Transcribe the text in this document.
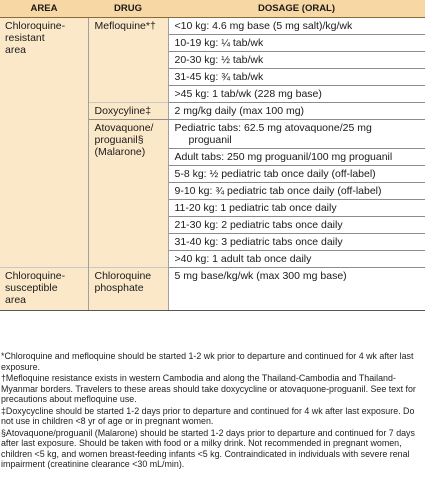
AREA	DRUG	DOSAGE (ORAL)

Chloroquine-
resistant
area	Mefloquine*†	<10 kg: 4.6 mg base (5 mg salt)/kg/wk
		10-19 kg: ¼ tab/wk
		20-30 kg: ½ tab/wk
		31-45 kg: ¾ tab/wk
		>45 kg: 1 tab/wk (228 mg base)
	Doxycyline‡	2 mg/kg daily (max 100 mg)

	Atovaquone/
proguanil§
(Malarone)	Pediatric tabs: 62.5 mg atovaquone/25 mg
proguanil

		Adult tabs: 250 mg proguanil/100 mg proguanil
		5-8 kg: ½ pediatric tab once daily (off-label)
		9-10 kg: ¾ pediatric tab once daily (off-label)
		11-20 kg: 1 pediatric tab once daily
		21-30 kg: 2 pediatric tabs once daily
		31-40 kg: 3 pediatric tabs once daily
		>40 kg: 1 adult tab once daily

Chloroquine-
susceptible
area	Chloroquine
phosphate	5 mg base/kg/wk (max 300 mg base)

*Chloroquine and mefloquine should be started 1-2 wk prior to departure and continued for 4 wk after last exposure.

†Mefloquine resistance exists in western Cambodia and along the Thailand-Cambodia and Thailand-Myanmar borders. Travelers to these areas should take doxycycline or atovaquone-proguanil. See text for precautions about mefloquine use.

‡Doxycycline should be started 1-2 days prior to departure and continued for 4 wk after last exposure. Do not use in children <8 yr of age or in pregnant women.

§Atovaquone/proguanil (Malarone) should be started 1-2 days prior to departure and continued for 7 days after last exposure. Should be taken with food or a milky drink. Not recommended in pregnant women, children <5 kg, and women breast-feeding infants <5 kg. Contraindicated in individuals with severe renal impairment (creatinine clearance <30 mL/min).
